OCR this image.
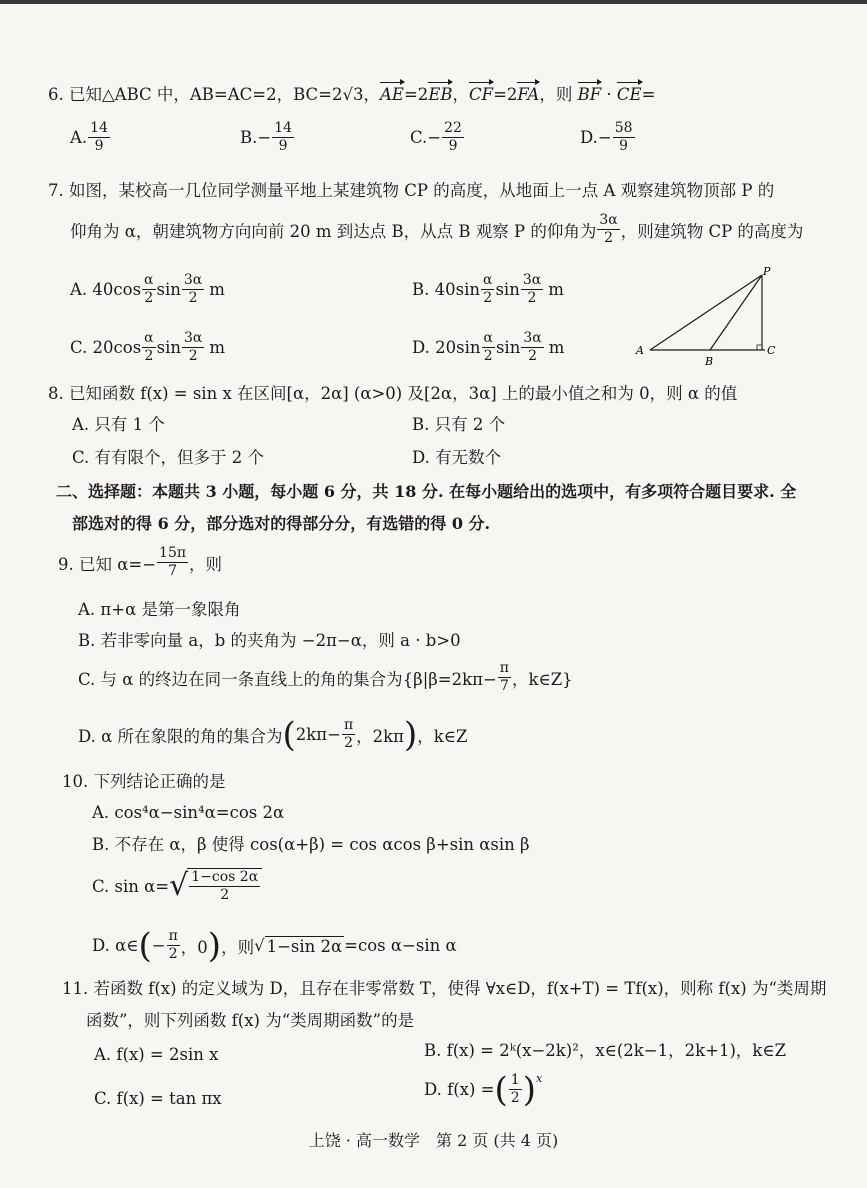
6. 已知△ABC 中，AB=AC=2，BC=2√3，AE=2EB，CF=2FA，则 BF · CE=
A. $\frac{14}{9}$	B. − $\frac{14}{9}$	C. − $\frac{22}{9}$	D. − $\frac{58}{9}$
7. 如图，某校高一几位同学测量平地上某建筑物 CP 的高度，从地面上一点 A 观察建筑物顶部 P 的
仰角为 α，朝建筑物方向向前 20 m 到达点 B，从点 B 观察 P 的仰角为 $\frac{3\alpha}{2}$ ，则建筑物 CP 的高度为
A. $40\cos \frac{\alpha}{2}$ $\sin \frac{3\alpha}{2}$ m	B. $40\sin \frac{\alpha}{2}$ $\sin \frac{3\alpha}{2}$ m
C. $20\cos \frac{\alpha}{2}$ $\sin \frac{3\alpha}{2}$ m	D. $20\sin \frac{\alpha}{2}$ $\sin \frac{3\alpha}{2}$ m	A
B
C
P
8. 已知函数 f(x) = sin x 在区间[α，2α] (α>0) 及[2α，3α] 上的最小值之和为 0，则 α 的值
A. 只有 1 个	B. 只有 2 个
C. 有有限个，但多于 2 个	D. 有无数个
二、选择题：本题共 3 小题，每小题 6 分，共 18 分. 在每小题给出的选项中，有多项符合题目要求. 全
部选对的得 6 分，部分选对的得部分分，有选错的得 0 分.
9. 已知 $\alpha=- \frac{15\pi}{7}$ ，则
A. π+α 是第一象限角
B. 若非零向量 a，b 的夹角为 −2π−α，则 a · b>0
C. 与 α 的终边在同一条直线上的角的集合为{$\beta|\beta=2k\pi- \frac{\pi}{7}$ ，k∈Z}
D. α 所在象限的角的集合为 ( $2k\pi- \frac{\pi}{2}$ ，2kπ ) ，k∈Z
10. 下列结论正确的是
A. cos⁴α−sin⁴α=cos 2α
B. 不存在 α，β 使得 cos(α+β) = cos αcos β+sin αsin β
C. sin α= √ $\frac{1-\cos 2\alpha}{2}$
D. α∈ ( − $\frac{\pi}{2}$ ，0 ) ，则 √ 1−sin 2α =cos α−sin α
11. 若函数 f(x) 的定义域为 D，且存在非零常数 T，使得 ∀x∈D，f(x+T) = Tf(x)，则称 f(x) 为“类周期
函数”，则下列函数 f(x) 为“类周期函数”的是
A. f(x) = 2sin x	B. f(x) = 2ᵏ(x−2k)²，x∈(2k−1，2k+1)，k∈Z
C. f(x) = tan πx	D. f(x) = ( $\frac{1}{2} )^x$
上饶 · 高一数学　第 2 页 (共 4 页)
